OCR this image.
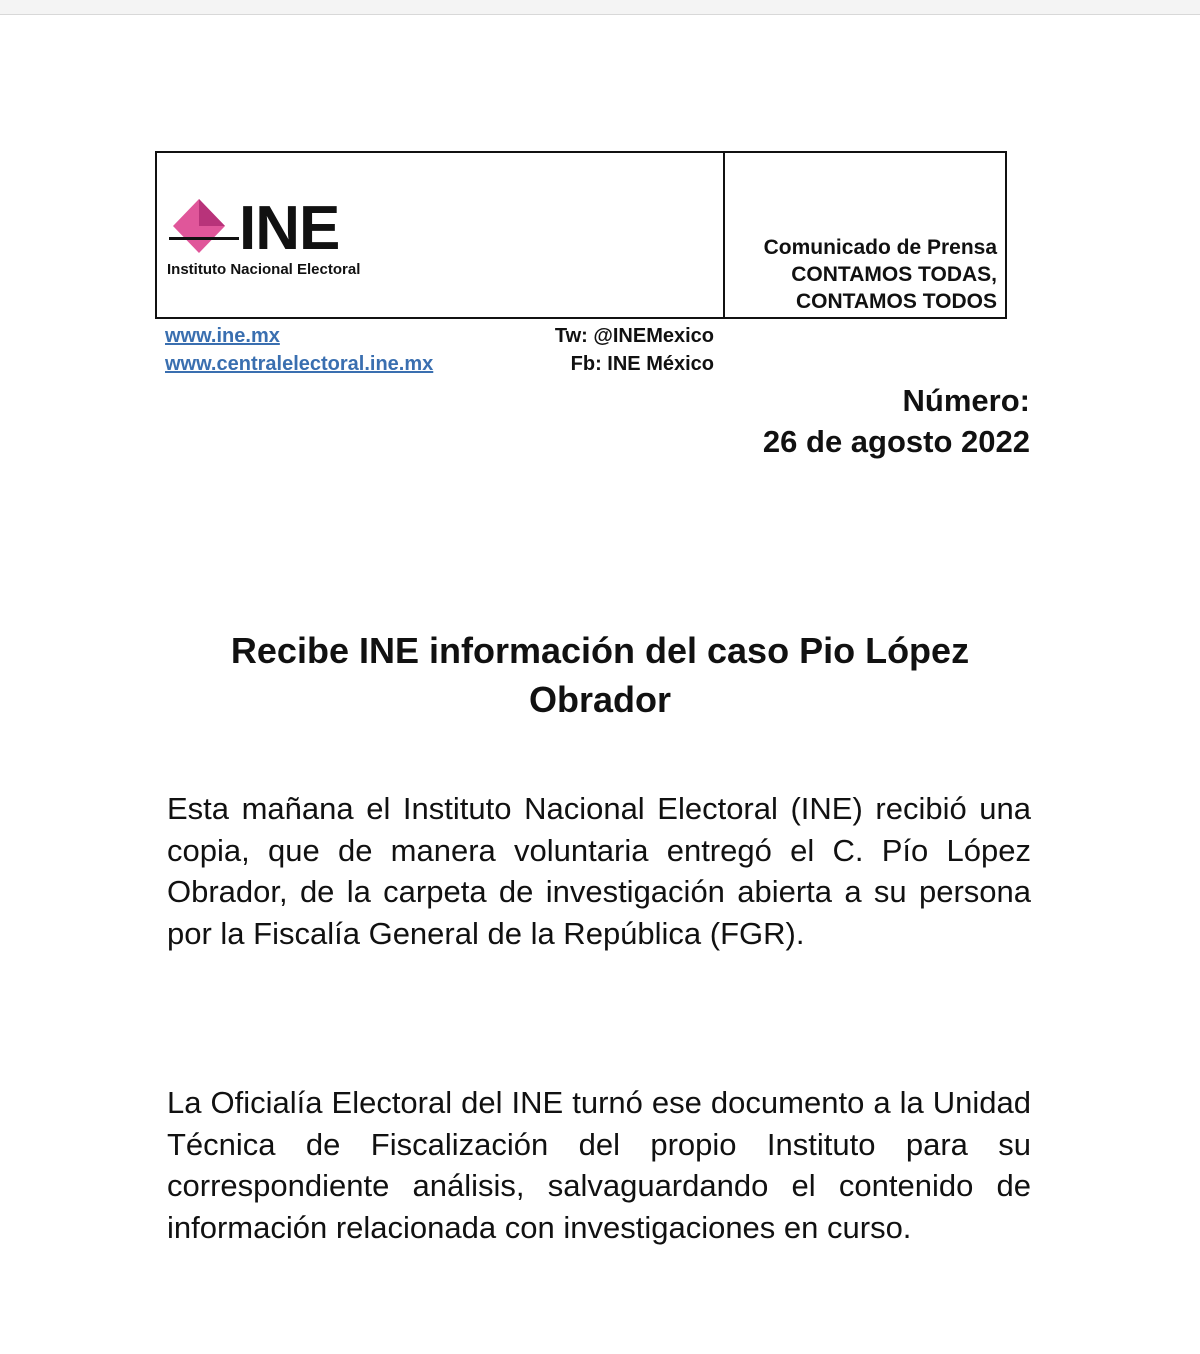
INE
Instituto Nacional Electoral
Comunicado de Prensa
CONTAMOS TODAS,
CONTAMOS TODOS
www.ine.mx
www.centralelectoral.ine.mx
Tw: @INEMexico
Fb: INE México
Número:
26 de agosto 2022
Recibe INE información del caso Pio López Obrador

Esta mañana el Instituto Nacional Electoral (INE) recibió una copia, que de manera voluntaria entregó el C. Pío López Obrador, de la carpeta de investigación abierta a su persona por la Fiscalía General de la República (FGR).

La Oficialía Electoral del INE turnó ese documento a la Unidad Técnica de Fiscalización del propio Instituto para su correspondiente análisis, salvaguardando el contenido de información relacionada con investigaciones en curso.
